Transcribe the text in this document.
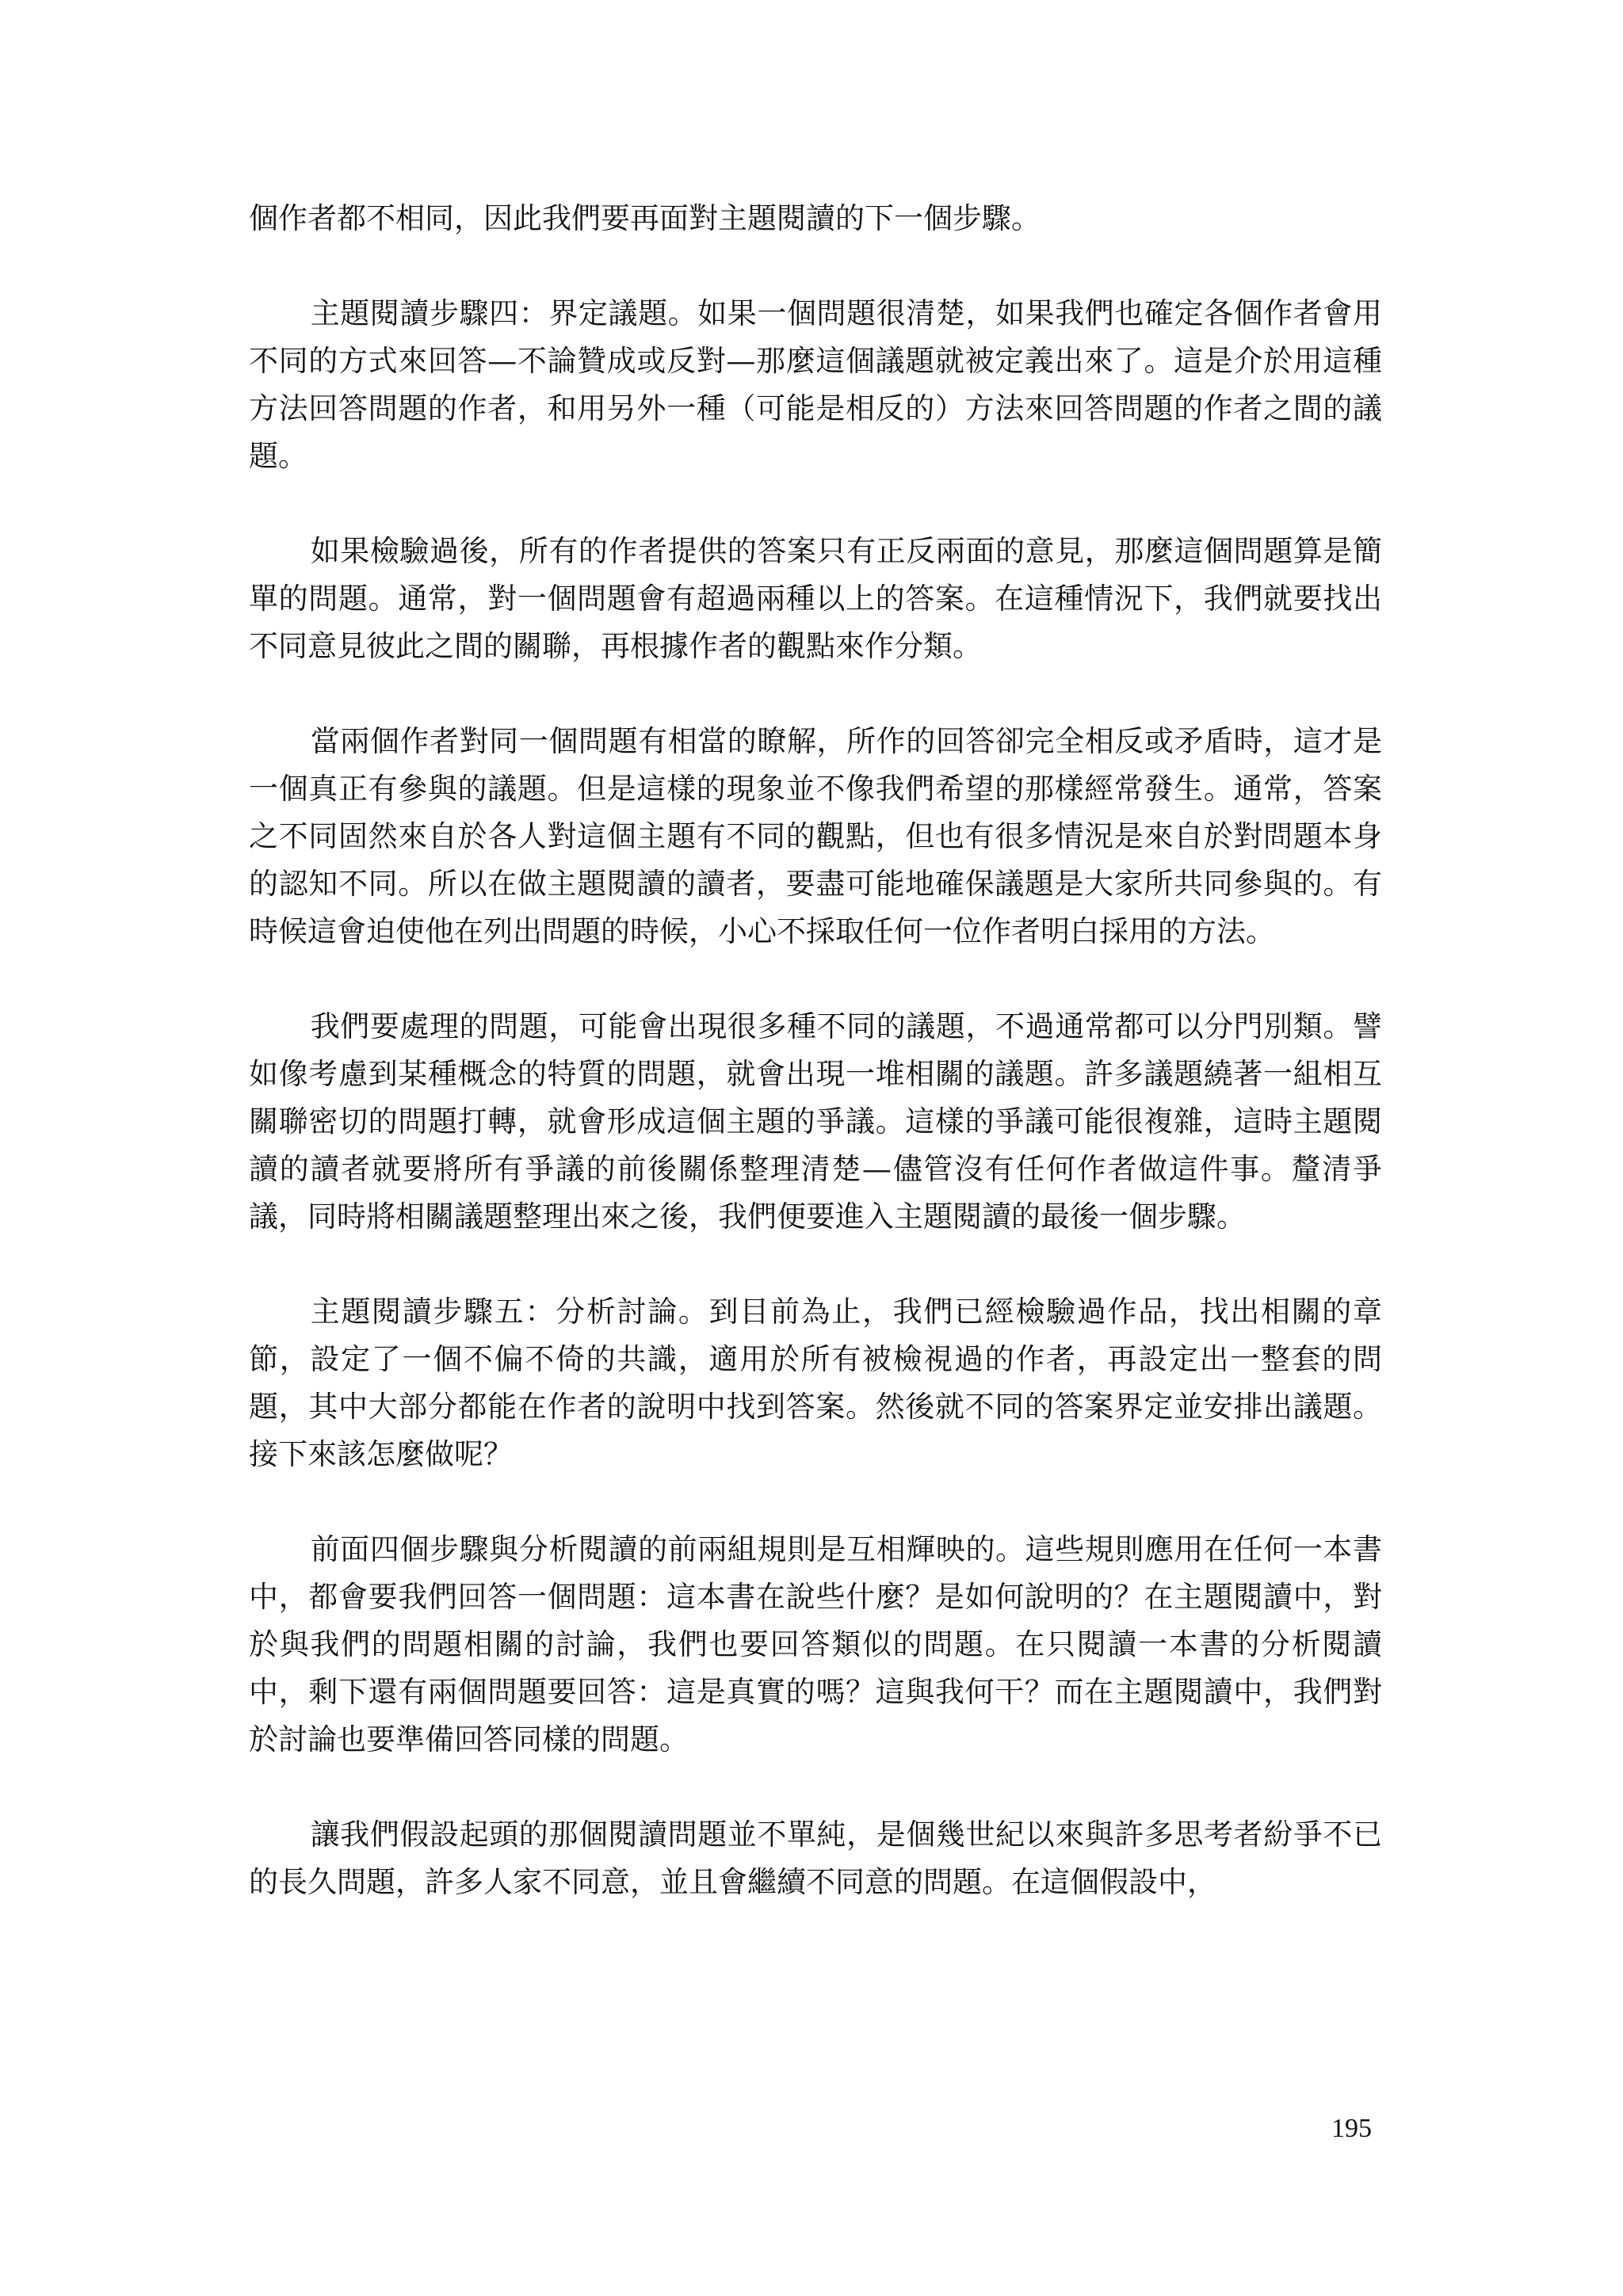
個作者都不相同，因此我們要再面對主題閱讀的下一個步驟。

主題閱讀步驟四：界定議題。如果一個問題很清楚，如果我們也確定各個作者會用不同的方式來回答—不論贊成或反對—那麼這個議題就被定義出來了。這是介於用這種方法回答問題的作者，和用另外一種（可能是相反的）方法來回答問題的作者之間的議題。

如果檢驗過後，所有的作者提供的答案只有正反兩面的意見，那麼這個問題算是簡單的問題。通常，對一個問題會有超過兩種以上的答案。在這種情況下，我們就要找出不同意見彼此之間的關聯，再根據作者的觀點來作分類。

當兩個作者對同一個問題有相當的瞭解，所作的回答卻完全相反或矛盾時，這才是一個真正有參與的議題。但是這樣的現象並不像我們希望的那樣經常發生。通常，答案之不同固然來自於各人對這個主題有不同的觀點，但也有很多情況是來自於對問題本身的認知不同。所以在做主題閱讀的讀者，要盡可能地確保議題是大家所共同參與的。有時候這會迫使他在列出問題的時候，小心不採取任何一位作者明白採用的方法。

我們要處理的問題，可能會出現很多種不同的議題，不過通常都可以分門別類。譬如像考慮到某種概念的特質的問題，就會出現一堆相關的議題。許多議題繞著一組相互關聯密切的問題打轉，就會形成這個主題的爭議。這樣的爭議可能很複雜，這時主題閱讀的讀者就要將所有爭議的前後關係整理清楚—儘管沒有任何作者做這件事。釐清爭議，同時將相關議題整理出來之後，我們便要進入主題閱讀的最後一個步驟。

主題閱讀步驟五：分析討論。到目前為止，我們已經檢驗過作品，找出相關的章節，設定了一個不偏不倚的共識，適用於所有被檢視過的作者，再設定出一整套的問題，其中大部分都能在作者的說明中找到答案。然後就不同的答案界定並安排出議題。接下來該怎麼做呢？

前面四個步驟與分析閱讀的前兩組規則是互相輝映的。這些規則應用在任何一本書中，都會要我們回答一個問題：這本書在說些什麼？是如何說明的？在主題閱讀中，對於與我們的問題相關的討論，我們也要回答類似的問題。在只閱讀一本書的分析閱讀中，剩下還有兩個問題要回答：這是真實的嗎？這與我何干？而在主題閱讀中，我們對於討論也要準備回答同樣的問題。

讓我們假設起頭的那個閱讀問題並不單純，是個幾世紀以來與許多思考者紛爭不已的長久問題，許多人家不同意，並且會繼續不同意的問題。在這個假設中，

195
